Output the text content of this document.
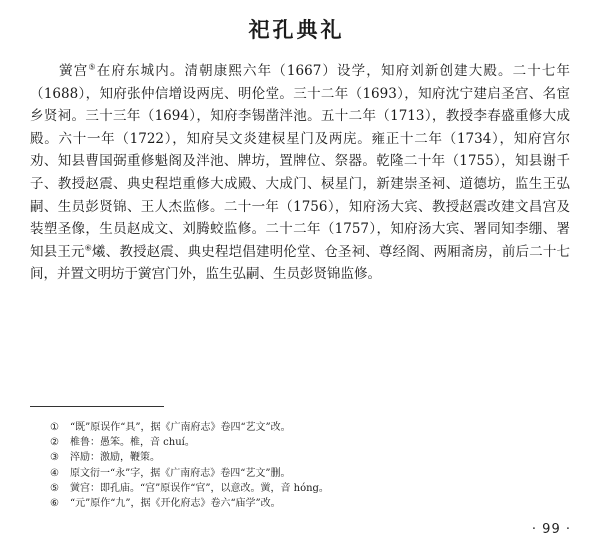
祀孔典礼

黉宫⑤在府东城内。清朝康熙六年（1667）设学，知府刘新创建大殿。二十七年（1688），知府张仲信增设两庑、明伦堂。三十二年（1693），知府沈宁建启圣宫、名宦乡贤祠。三十三年（1694），知府李锡凿泮池。五十二年（1713），教授李春盛重修大成殿。六十一年（1722），知府吴文炎建棂星门及两庑。雍正十二年（1734），知府宫尔劝、知县曹国弼重修魁阁及泮池、牌坊，置牌位、祭器。乾隆二十年（1755），知县谢千子、教授赵震、典史程垲重修大成殿、大成门、棂星门，新建崇圣祠、道德坊，监生王弘嗣、生员彭贤锦、王人杰监修。二十一年（1756），知府汤大宾、教授赵震改建文昌宫及装塑圣像，生员赵成文、刘腾蛟监修。二十二年（1757），知府汤大宾、署同知李绷、署知县王元⑥爔、教授赵震、典史程垲倡建明伦堂、仓圣祠、尊经阁、两厢斋房，前后二十七间，并置文明坊于黉宫门外，监生弘嗣、生员彭贤锦监修。

① “既”原误作“具”，据《广南府志》卷四“艺文”改。
② 椎鲁：愚笨。椎，音 chuí。
③ 淬励：激励，鞭策。
④ 原文衍一“永”字，据《广南府志》卷四“艺文”删。
⑤ 黉宫：即孔庙。“宫”原误作“官”，以意改。黉，音 hóng。
⑥ “元”原作“九”，据《开化府志》卷六“庙学”改。
· 99 ·
